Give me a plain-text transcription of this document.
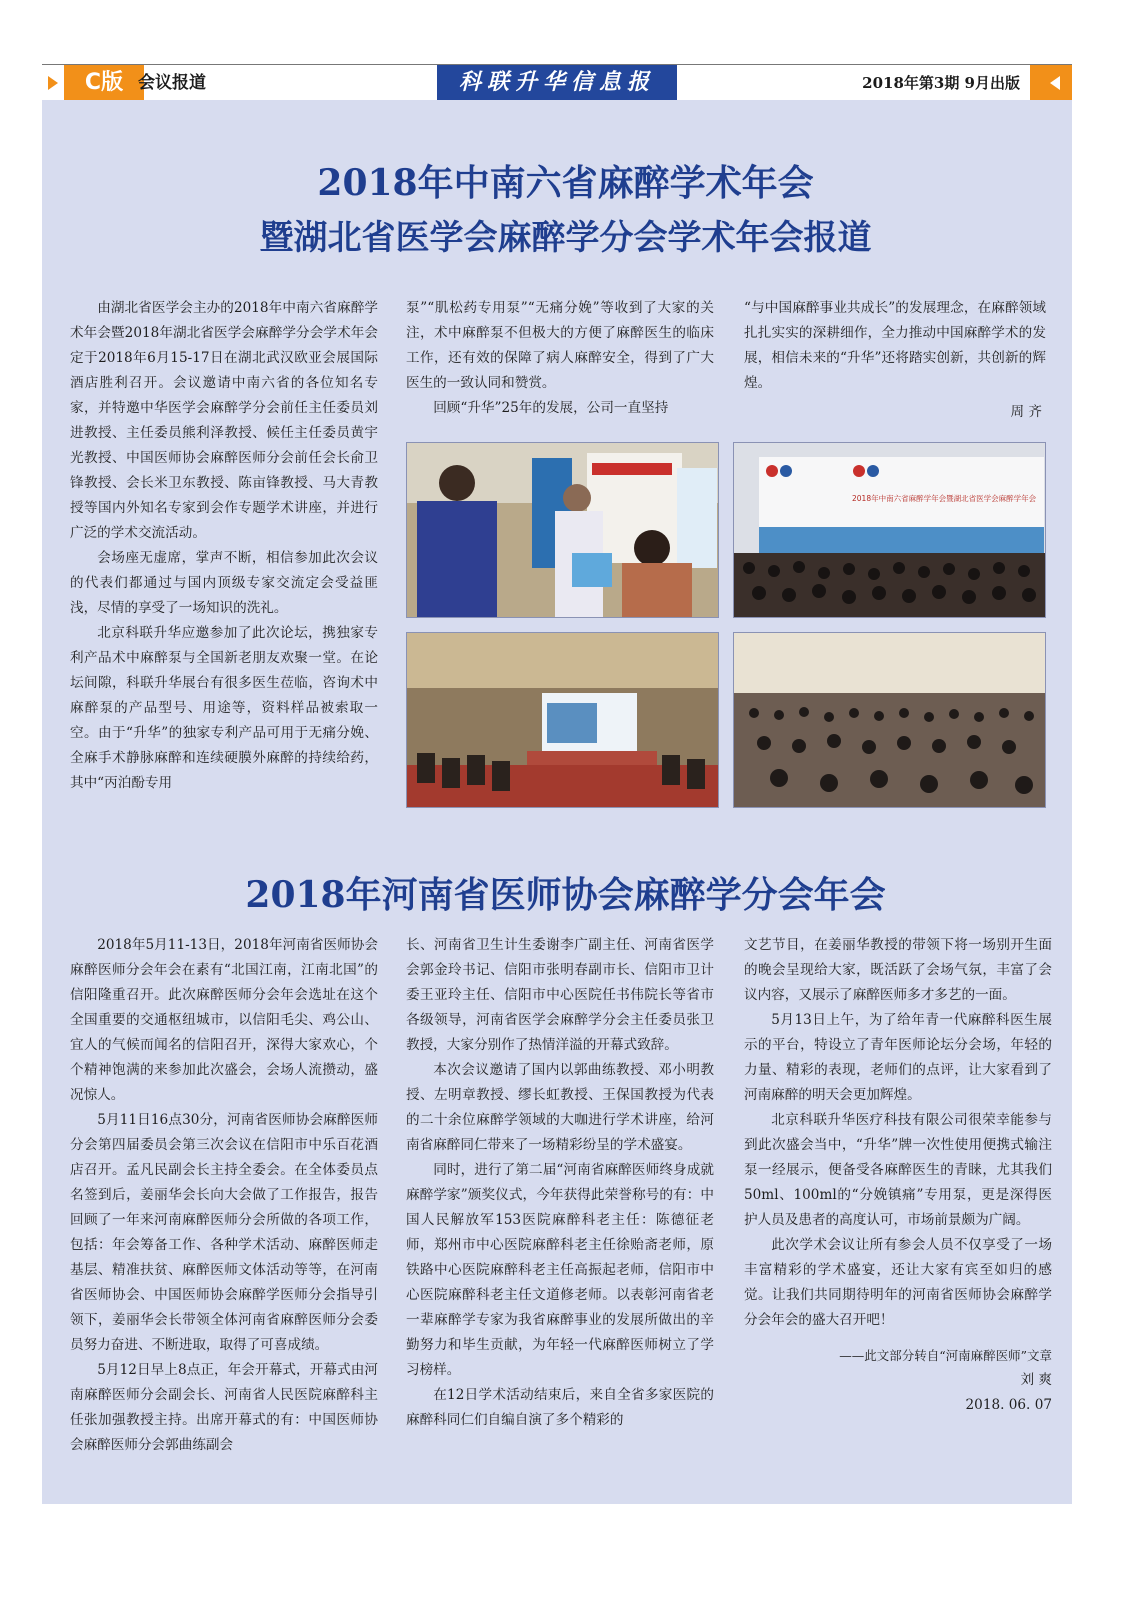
C版 会议报道	科联升华信息报	2018年第3期 9月出版
2018年中南六省麻醉学术年会
暨湖北省医学会麻醉学分会学术年会报道

由湖北省医学会主办的2018年中南六省麻醉学术年会暨2018年湖北省医学会麻醉学分会学术年会定于2018年6月15-17日在湖北武汉欧亚会展国际酒店胜利召开。会议邀请中南六省的各位知名专家，并特邀中华医学会麻醉学分会前任主任委员刘进教授、主任委员熊利泽教授、候任主任委员黄宇光教授、中国医师协会麻醉医师分会前任会长俞卫锋教授、会长米卫东教授、陈亩锋教授、马大青教授等国内外知名专家到会作专题学术讲座，并进行广泛的学术交流活动。

会场座无虚席，掌声不断，相信参加此次会议的代表们都通过与国内顶级专家交流定会受益匪浅，尽情的享受了一场知识的洗礼。

北京科联升华应邀参加了此次论坛，携独家专利产品术中麻醉泵与全国新老朋友欢聚一堂。在论坛间隙，科联升华展台有很多医生莅临，咨询术中麻醉泵的产品型号、用途等，资料样品被索取一空。由于“升华”的独家专利产品可用于无痛分娩、全麻手术静脉麻醉和连续硬膜外麻醉的持续给药，其中“丙泊酚专用

泵”“肌松药专用泵”“无痛分娩”等收到了大家的关注，术中麻醉泵不但极大的方便了麻醉医生的临床工作，还有效的保障了病人麻醉安全，得到了广大医生的一致认同和赞赏。

回顾“升华”25年的发展，公司一直坚持

“与中国麻醉事业共成长”的发展理念，在麻醉领域扎扎实实的深耕细作，全力推动中国麻醉学术的发展，相信未来的“升华”还将踏实创新，共创新的辉煌。

周 齐

2018年中南六省麻醉学年会暨湖北省医学会麻醉学年会
2018年河南省医师协会麻醉学分会年会

2018年5月11-13日，2018年河南省医师协会麻醉医师分会年会在素有“北国江南，江南北国”的信阳隆重召开。此次麻醉医师分会年会选址在这个全国重要的交通枢纽城市，以信阳毛尖、鸡公山、宜人的气候而闻名的信阳召开，深得大家欢心，个个精神饱满的来参加此次盛会，会场人流攒动，盛况惊人。

5月11日16点30分，河南省医师协会麻醉医师分会第四届委员会第三次会议在信阳市中乐百花酒店召开。孟凡民副会长主持全委会。在全体委员点名签到后，姜丽华会长向大会做了工作报告，报告回顾了一年来河南麻醉医师分会所做的各项工作，包括：年会筹备工作、各种学术活动、麻醉医师走基层、精准扶贫、麻醉医师文体活动等等，在河南省医师协会、中国医师协会麻醉学医师分会指导引领下，姜丽华会长带领全体河南省麻醉医师分会委员努力奋进、不断进取，取得了可喜成绩。

5月12日早上8点正，年会开幕式，开幕式由河南麻醉医师分会副会长、河南省人民医院麻醉科主任张加强教授主持。出席开幕式的有：中国医师协会麻醉医师分会郭曲练副会

长、河南省卫生计生委谢李广副主任、河南省医学会郭金玲书记、信阳市张明春副市长、信阳市卫计委王亚玲主任、信阳市中心医院任书伟院长等省市各级领导，河南省医学会麻醉学分会主任委员张卫教授，大家分别作了热情洋溢的开幕式致辞。

本次会议邀请了国内以郭曲练教授、邓小明教授、左明章教授、缪长虹教授、王保国教授为代表的二十余位麻醉学领域的大咖进行学术讲座，给河南省麻醉同仁带来了一场精彩纷呈的学术盛宴。

同时，进行了第二届“河南省麻醉医师终身成就麻醉学家”颁奖仪式，今年获得此荣誉称号的有：中国人民解放军153医院麻醉科老主任：陈德征老师，郑州市中心医院麻醉科老主任徐贻斋老师，原铁路中心医院麻醉科老主任高振起老师，信阳市中心医院麻醉科老主任文道修老师。以表彰河南省老一辈麻醉学专家为我省麻醉事业的发展所做出的辛勤努力和毕生贡献，为年轻一代麻醉医师树立了学习榜样。

在12日学术活动结束后，来自全省多家医院的麻醉科同仁们自编自演了多个精彩的

文艺节目，在姜丽华教授的带领下将一场别开生面的晚会呈现给大家，既活跃了会场气氛，丰富了会议内容，又展示了麻醉医师多才多艺的一面。

5月13日上午，为了给年青一代麻醉科医生展示的平台，特设立了青年医师论坛分会场，年轻的力量、精彩的表现，老师们的点评，让大家看到了河南麻醉的明天会更加辉煌。

北京科联升华医疗科技有限公司很荣幸能参与到此次盛会当中，“升华”牌一次性使用便携式输注泵一经展示，便备受各麻醉医生的青睐，尤其我们50ml、100ml的“分娩镇痛”专用泵，更是深得医护人员及患者的高度认可，市场前景颇为广阔。

此次学术会议让所有参会人员不仅享受了一场丰富精彩的学术盛宴，还让大家有宾至如归的感觉。让我们共同期待明年的河南省医师协会麻醉学分会年会的盛大召开吧！

——此文部分转自“河南麻醉医师”文章

刘 爽

2018. 06. 07
